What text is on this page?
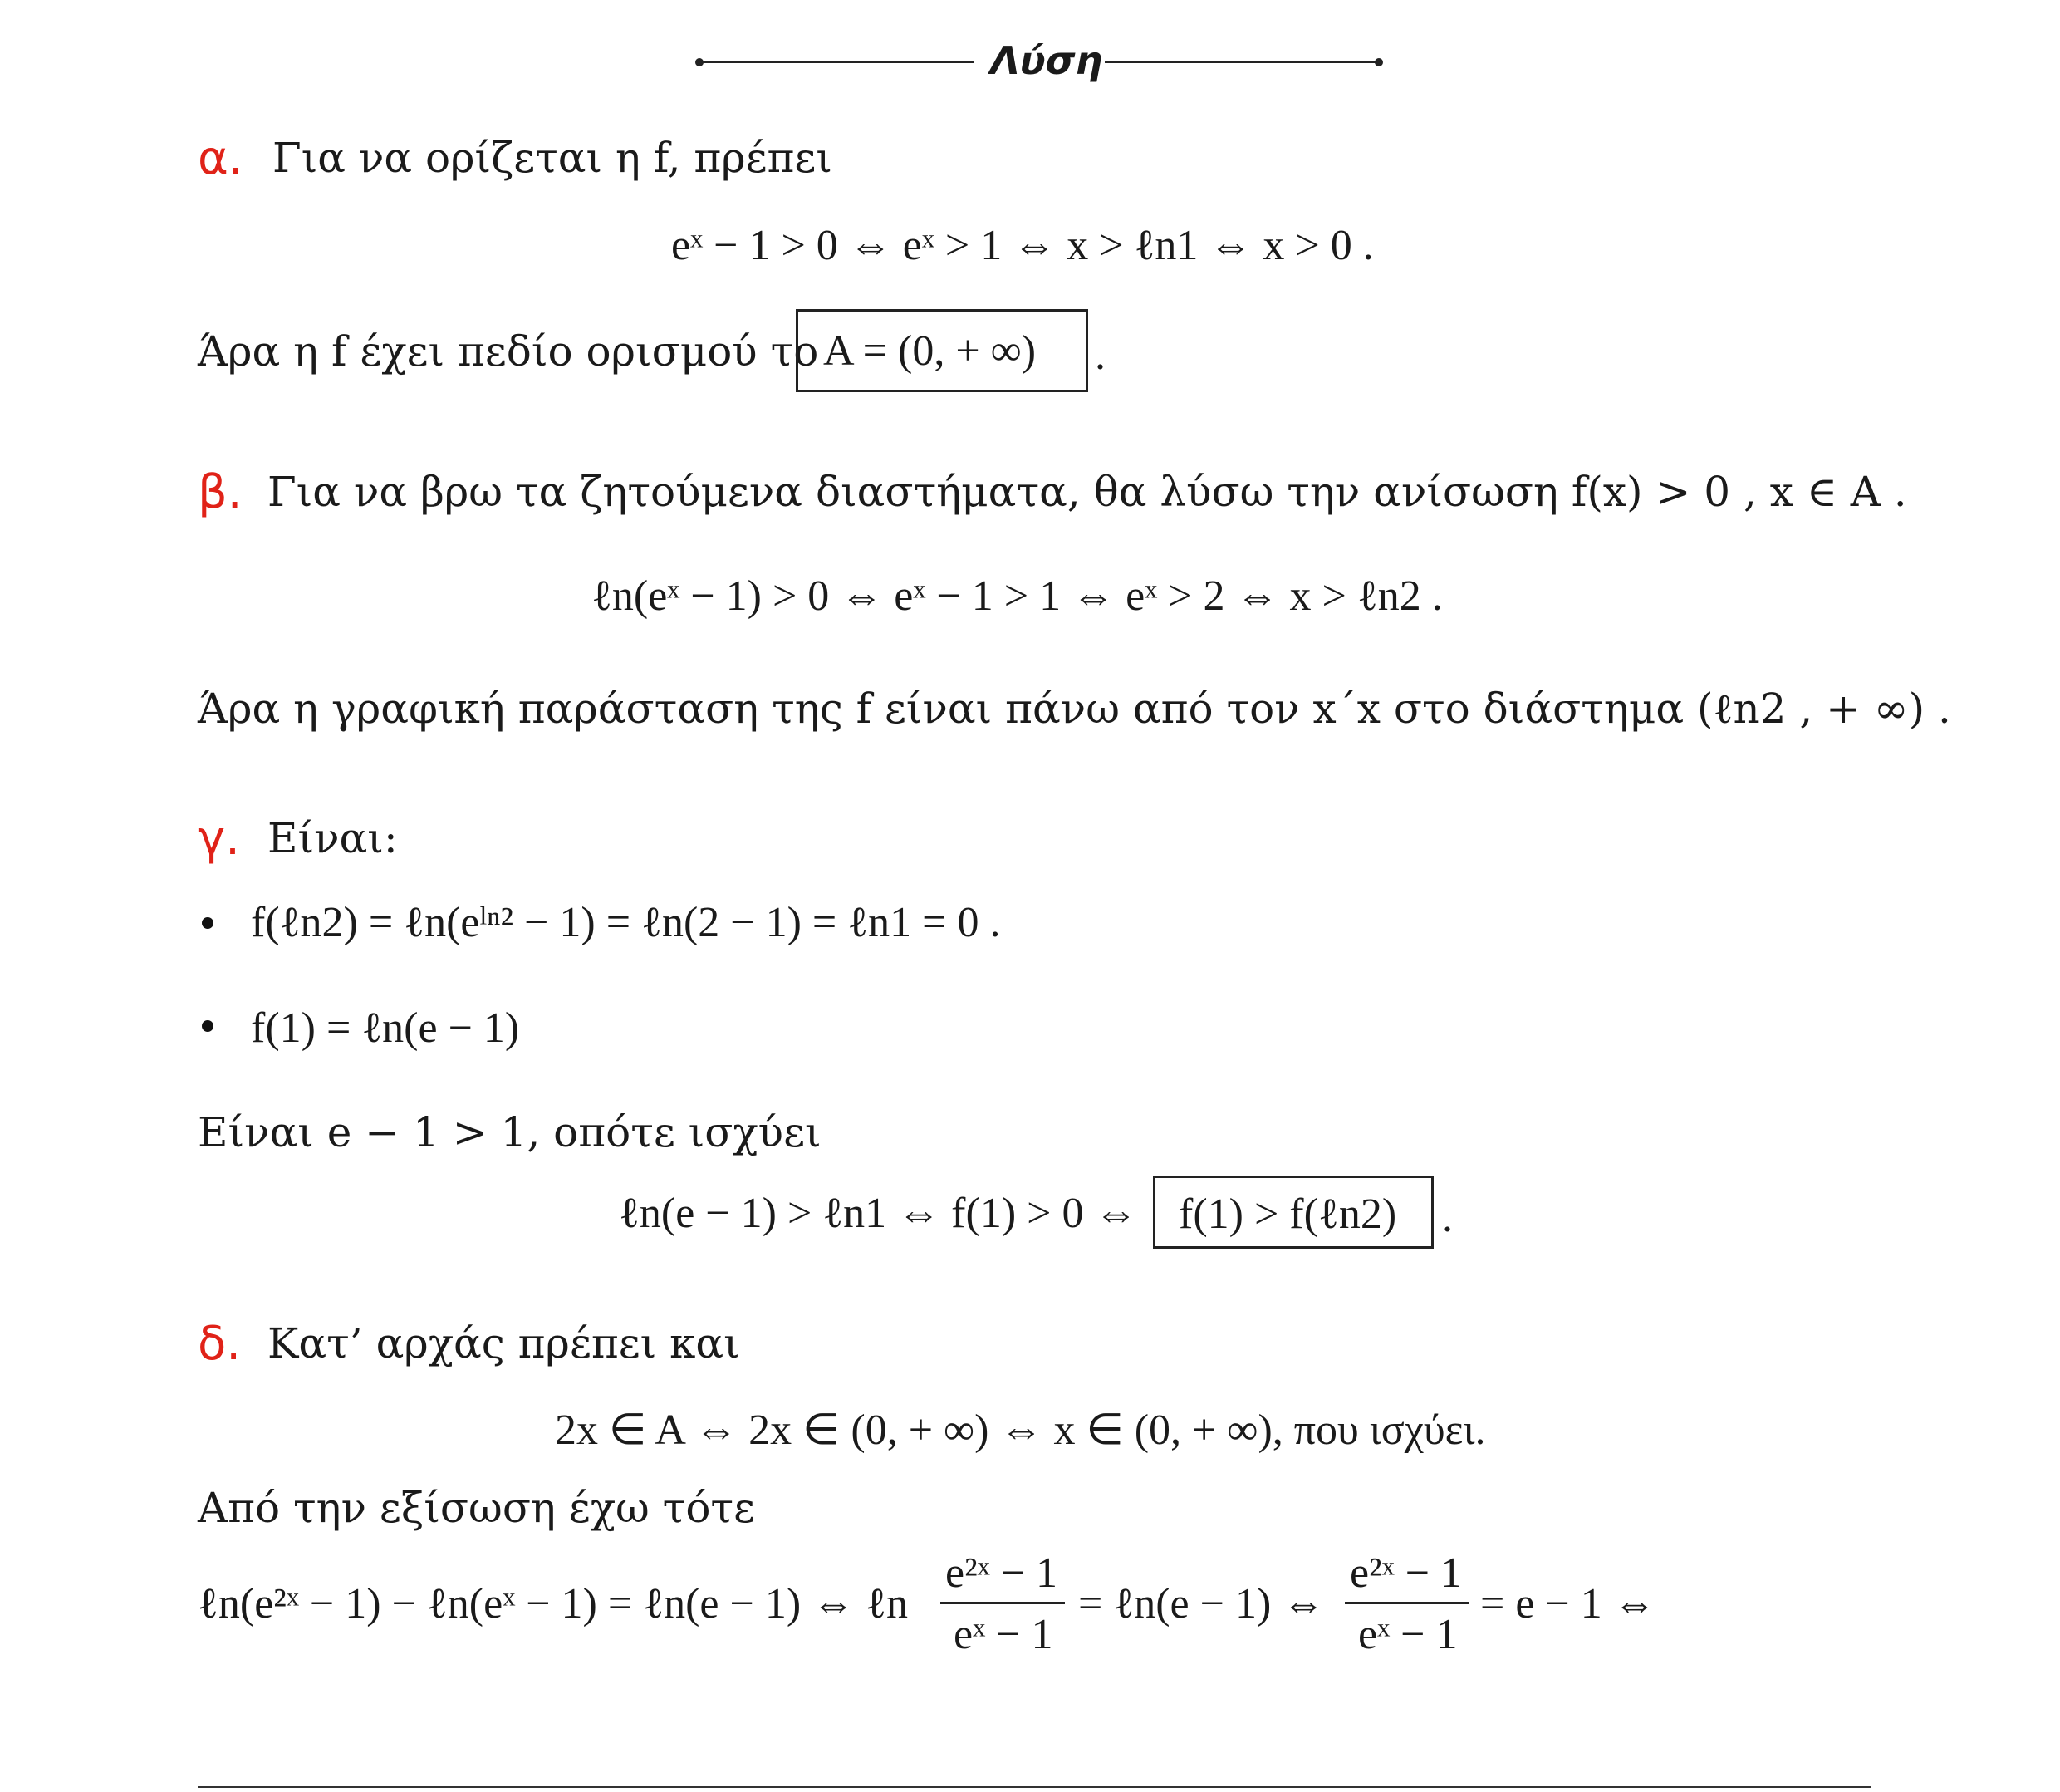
Λύση
α. Για να ορίζεται η f, πρέπει
eˣ − 1 > 0 ⇔ eˣ > 1 ⇔ x > ℓn1 ⇔ x > 0 .
Άρα η f έχει πεδίο ορισμού το A = (0, + ∞) .
β. Για να βρω τα ζητούμενα διαστήματα, θα λύσω την ανίσωση f(x) > 0 , x ∈ A .
ℓn(eˣ − 1) > 0 ⇔ eˣ − 1 > 1 ⇔ eˣ > 2 ⇔ x > ℓn2 .
Άρα η γραφική παράσταση της f είναι πάνω από τον x΄x στο διάστημα (ℓn2 , + ∞) .
γ. Είναι:
f(ℓn2) = ℓn(eˡⁿ² − 1) = ℓn(2 − 1) = ℓn1 = 0 .
f(1) = ℓn(e − 1)
Είναι e − 1 > 1, οπότε ισχύει
ℓn(e − 1) > ℓn1 ⇔ f(1) > 0 ⇔ f(1) > f(ℓn2) .
δ. Κατ’ αρχάς πρέπει και
2x ∈ A ⇔ 2x ∈ (0, + ∞) ⇔ x ∈ (0, + ∞), που ισχύει.
Από την εξίσωση έχω τότε
ℓn(e²ˣ − 1) − ℓn(eˣ − 1) = ℓn(e − 1) ⇔ ℓn
e²ˣ − 1
eˣ − 1
= ℓn(e − 1) ⇔
e²ˣ − 1
eˣ − 1
= e − 1 ⇔
